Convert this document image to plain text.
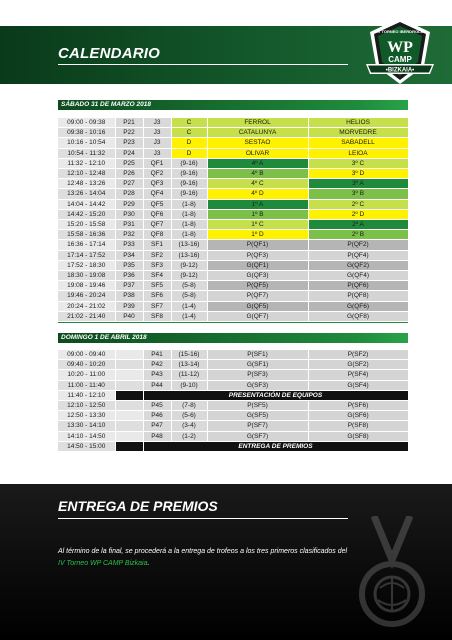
CALENDARIO
IV TORNEO IBERDROLA
WP
CAMP
•BIZKAIA•
SÁBADO 31 DE MARZO 2018
09:00 - 09:38	P21	J3	C	FERROL	HELIOS
09:38 - 10:16	P22	J3	C	CATALUNYA	MORVEDRE
10:16 - 10:54	P23	J3	D	SESTAO	SABADELL
10:54 - 11:32	P24	J3	D	OLIVAR	LEIOA
11:32 - 12:10	P25	QF1	(9-16)	4º A	3º C
12:10 - 12:48	P26	QF2	(9-16)	4º B	3º D
12:48 - 13:26	P27	QF3	(9-16)	4º C	3º A
13:26 - 14:04	P28	QF4	(9-16)	4º D	3º B
14:04 - 14:42	P29	QF5	(1-8)	1º A	2º C
14:42 - 15:20	P30	QF6	(1-8)	1º B	2º D
15:20 - 15:58	P31	QF7	(1-8)	1º C	2º A
15:58 - 16:36	P32	QF8	(1-8)	1º D	2º B
16:36 - 17:14	P33	SF1	(13-16)	P(QF1)	P(QF2)
17:14 - 17:52	P34	SF2	(13-16)	P(QF3)	P(QF4)
17:52 - 18:30	P35	SF3	(9-12)	G(QF1)	G(QF2)
18:30 - 19:08	P36	SF4	(9-12)	G(QF3)	G(QF4)
19:08 - 19:46	P37	SF5	(5-8)	P(QF5)	P(QF6)
19:46 - 20:24	P38	SF6	(5-8)	P(QF7)	P(QF8)
20:24 - 21:02	P39	SF7	(1-4)	G(QF5)	G(QF6)
21:02 - 21:40	P40	SF8	(1-4)	G(QF7)	G(QF8)
DOMINGO 1 DE ABRIL 2018
09:00 - 09:40		P41	(15-16)	P(SF1)	P(SF2)
09:40 - 10:20		P42	(13-14)	G(SF1)	G(SF2)
10:20 - 11:00		P43	(11-12)	P(SF3)	P(SF4)
11:00 - 11:40		P44	(9-10)	G(SF3)	G(SF4)
11:40 - 12:10		PRESENTACIÓN DE EQUIPOS			
12:10 - 12:50		P45	(7-8)	P(SF5)	P(SF6)
12:50 - 13:30		P46	(5-6)	G(SF5)	G(SF6)
13:30 - 14:10		P47	(3-4)	P(SF7)	P(SF8)
14:10 - 14:50		P48	(1-2)	G(SF7)	G(SF8)
14:50 - 15:00		ENTREGA DE PREMIOS			
ENTREGA DE PREMIOS
Al término de la final, se procederá a la entrega de trofeos a los tres primeros clasificados del IV Torneo WP CAMP Bizkaia.
